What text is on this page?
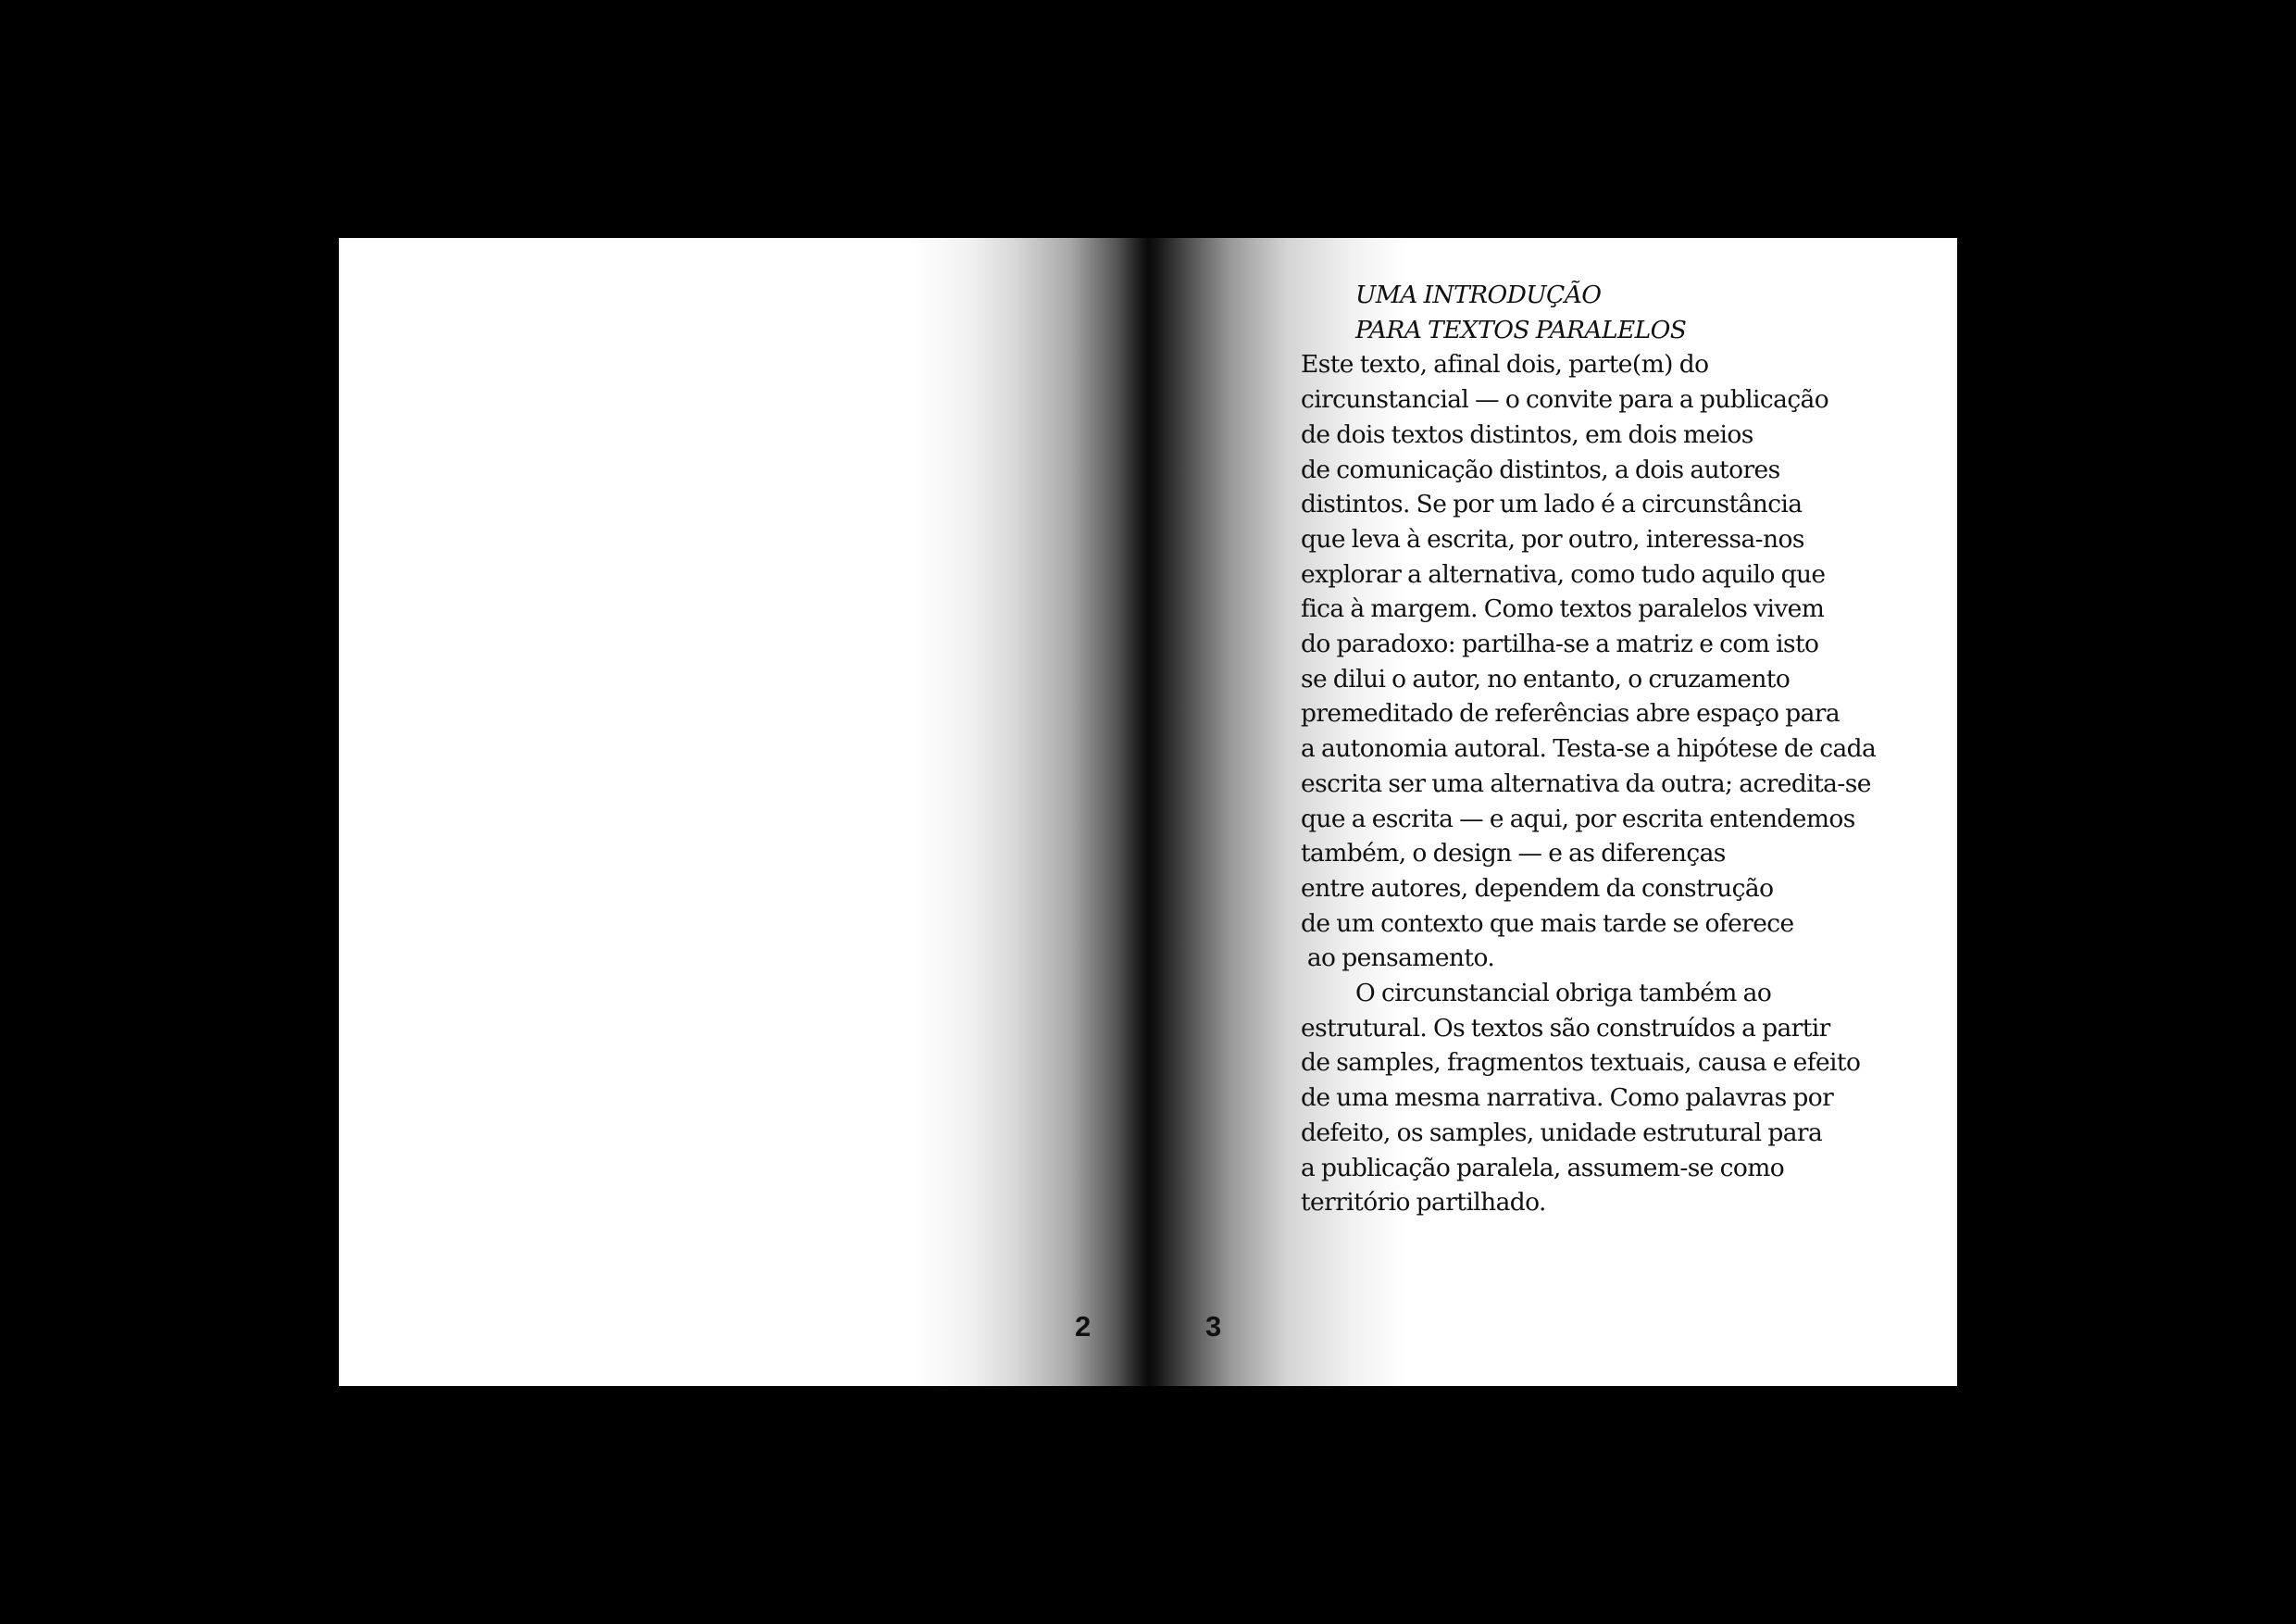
2	3
UMA INTRODUÇÃO
PARA TEXTOS PARALELOS
Este texto, afinal dois, parte(m) do
circunstancial — o convite para a publicação
de dois textos distintos, em dois meios
de comunicação distintos, a dois autores
distintos. Se por um lado é a circunstância
que leva à escrita, por outro, interessa-nos
explorar a alternativa, como tudo aquilo que
fica à margem. Como textos paralelos vivem
do paradoxo: partilha-se a matriz e com isto
se dilui o autor, no entanto, o cruzamento
premeditado de referências abre espaço para
a autonomia autoral. Testa-se a hipótese de cada
escrita ser uma alternativa da outra; acredita-se
que a escrita — e aqui, por escrita entendemos
também, o design — e as diferenças
entre autores, dependem da construção
de um contexto que mais tarde se oferece
ao pensamento.
O circunstancial obriga também ao
estrutural. Os textos são construídos a partir
de samples, fragmentos textuais, causa e efeito
de uma mesma narrativa. Como palavras por
defeito, os samples, unidade estrutural para
a publicação paralela, assumem-se como
território partilhado.
